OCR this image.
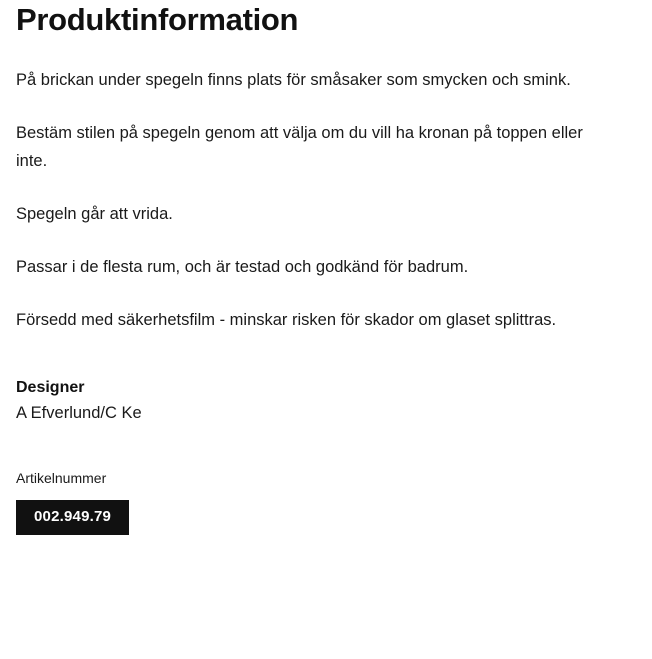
Produktinformation

På brickan under spegeln finns plats för småsaker som smycken och smink.

Bestäm stilen på spegeln genom att välja om du vill ha kronan på toppen eller inte.

Spegeln går att vrida.

Passar i de flesta rum, och är testad och godkänd för badrum.

Försedd med säkerhetsfilm - minskar risken för skador om glaset splittras.

Designer
A Efverlund/C Ke
Artikelnummer
002.949.79
